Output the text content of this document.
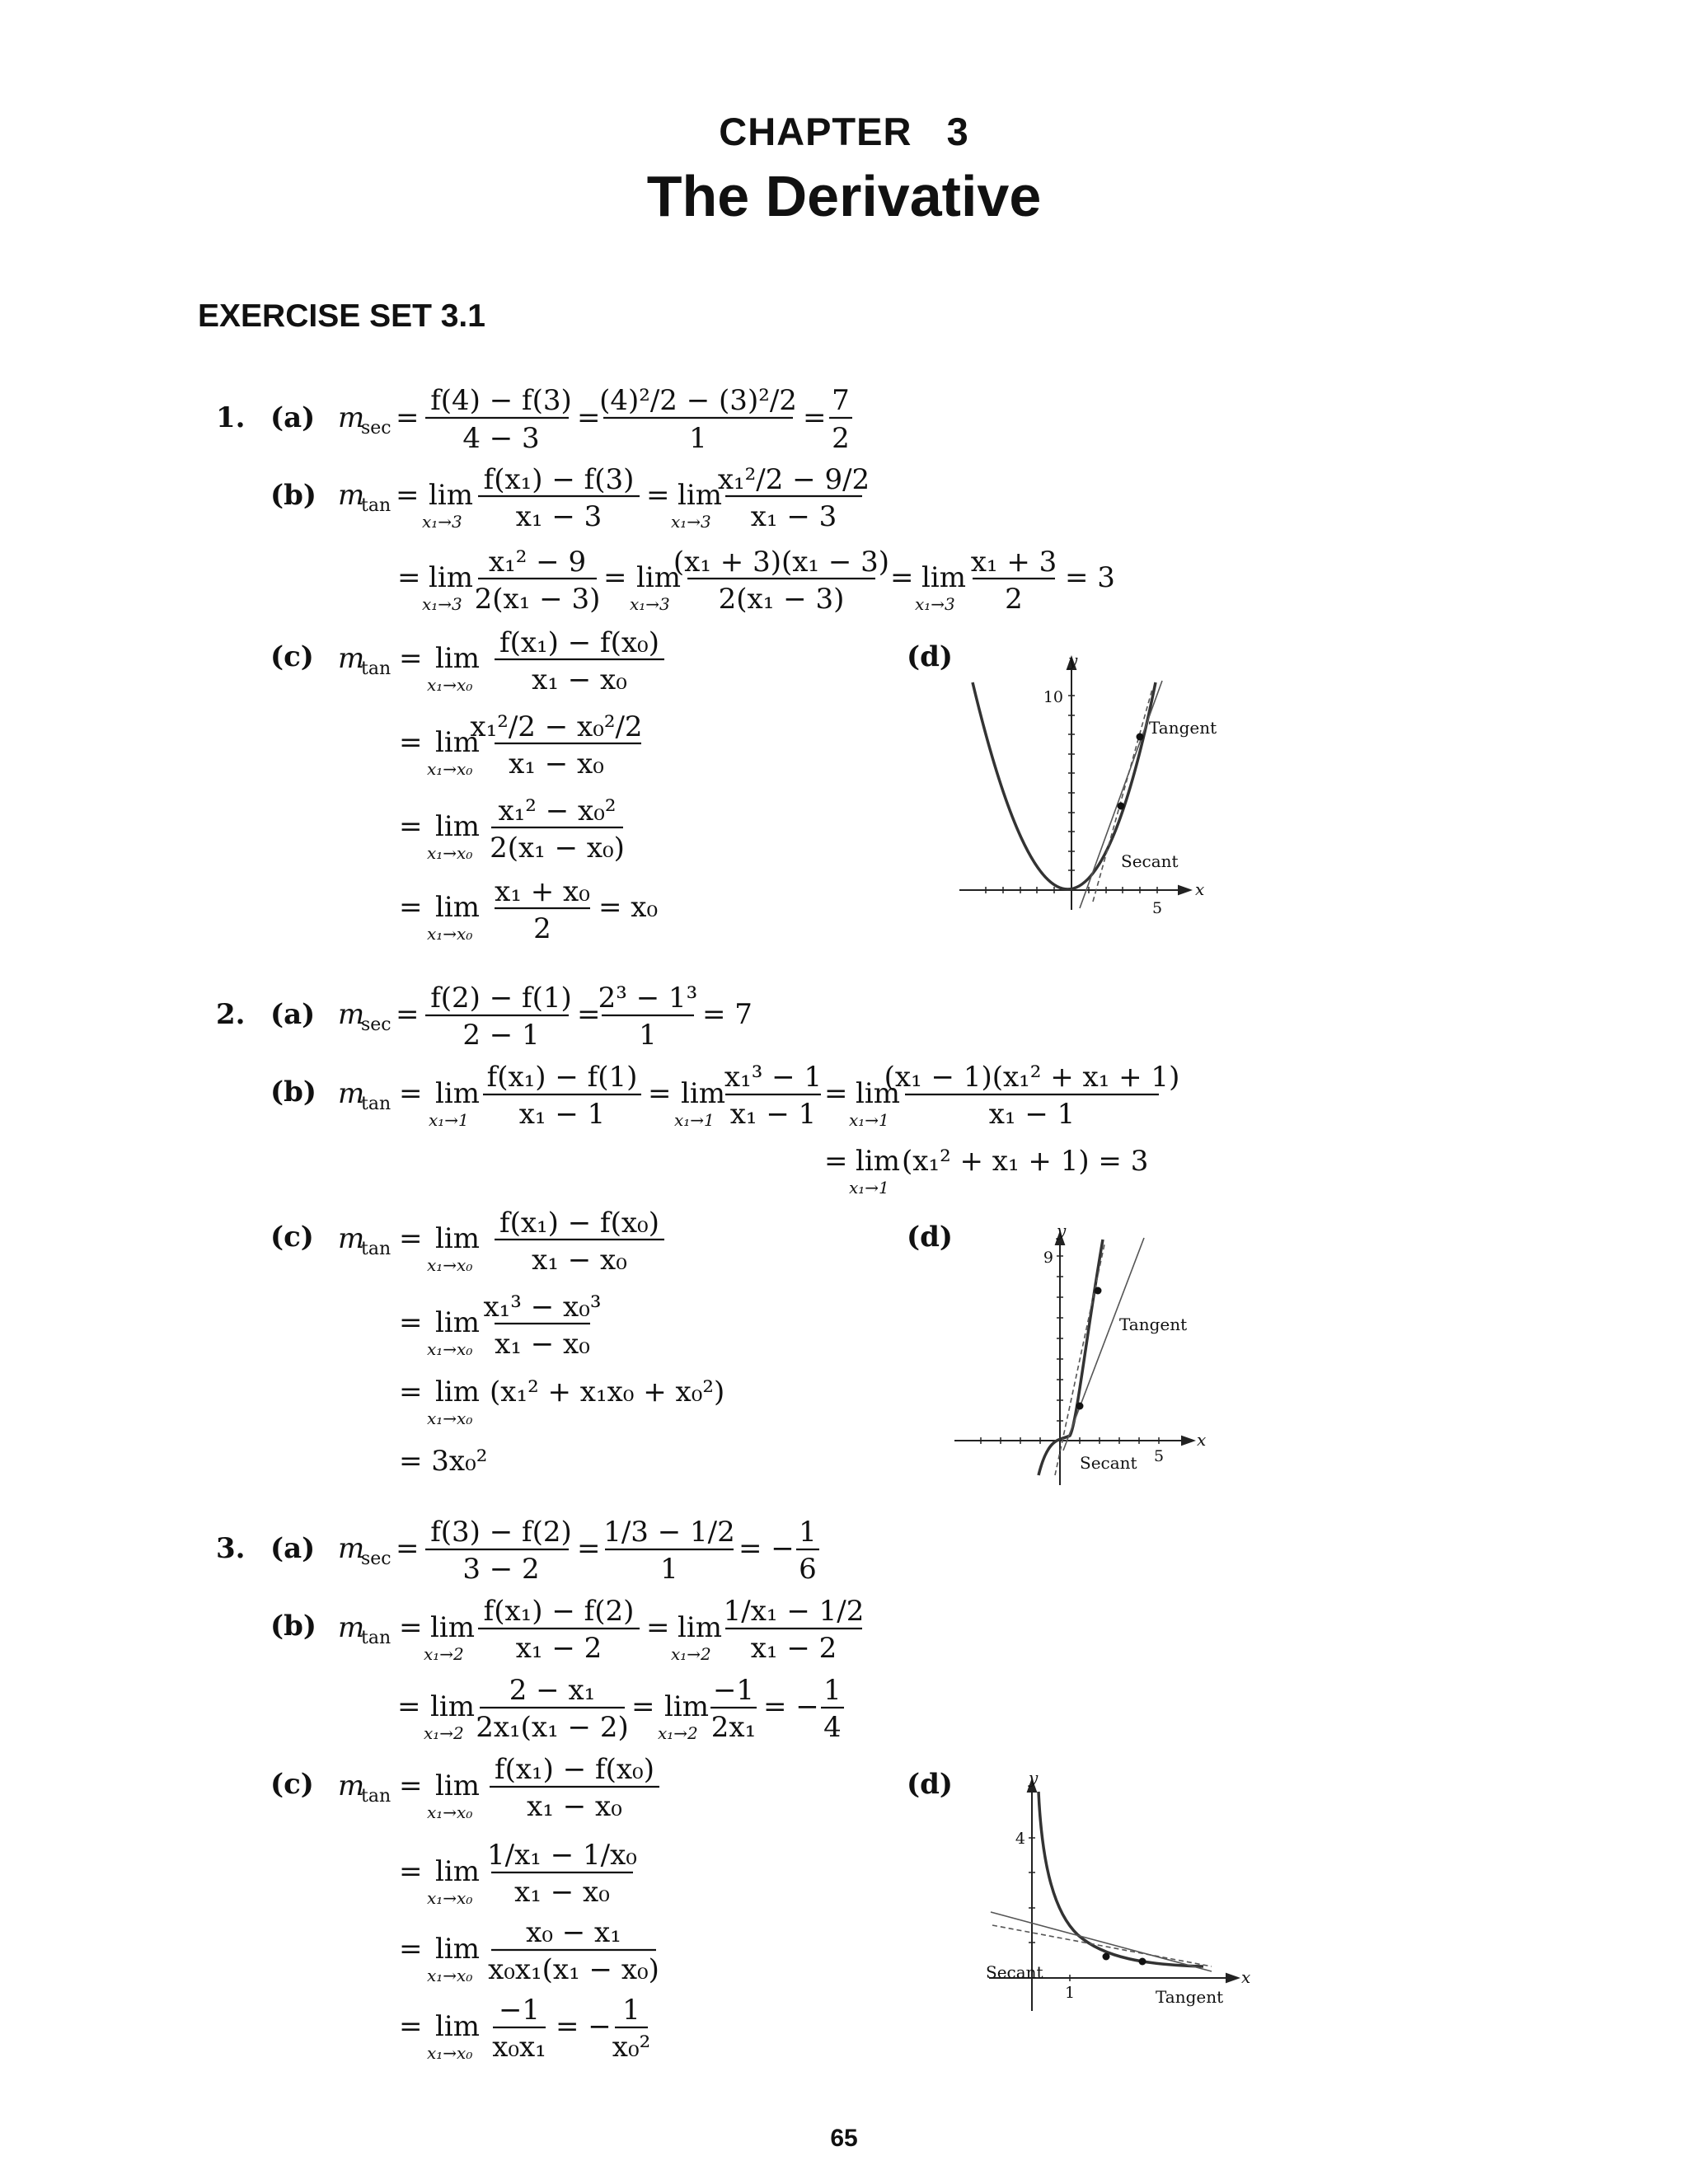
CHAPTER   3
The Derivative
EXERCISE SET 3.1
1. (a) m
sec =
f(4) − f(3)
4 − 3
=
(4)²/2 − (3)²/2
1
=
7
2
(b) m
tan = lim
x₁→3
f(x₁) − f(3)
x₁ − 3
= lim
x₁→3
x₁²/2 − 9/2
x₁ − 3
= lim
x₁→3
x₁² − 9
2(x₁ − 3)
= lim
x₁→3
(x₁ + 3)(x₁ − 3)
2(x₁ − 3)
= lim
x₁→3
x₁ + 3
2
= 3
(c) m
tan = lim
x₁→x₀
f(x₁) − f(x₀)
x₁ − x₀
= lim
x₁→x₀
x₁²/2 − x₀²/2
x₁ − x₀
= lim
x₁→x₀
x₁² − x₀²
2(x₁ − x₀)
= lim
x₁→x₀
x₁ + x₀
2
= x₀
(d)
2. (a) m
sec = f(2) − f(1)
2 − 1
=
2³ − 1³
1
= 7
(b) m
tan = lim
x₁→1
f(x₁) − f(1)
x₁ − 1
= lim
x₁→1
x₁³ − 1
x₁ − 1
= lim
x₁→1
(x₁ − 1)(x₁² + x₁ + 1)
x₁ − 1
= lim
x₁→1
(x₁² + x₁ + 1) = 3
(c) m
tan = lim
x₁→x₀
f(x₁) − f(x₀)
x₁ − x₀
= lim
x₁→x₀
x₁³ − x₀³
x₁ − x₀
= lim
x₁→x₀
(x₁² + x₁x₀ + x₀²)
= 3x₀²
(d)
3. (a) m
sec = f(3) − f(2)
3 − 2
= 1/3 − 1/2
1
= − 1
6
(b) m
tan = lim
x₁→2
f(x₁) − f(2)
x₁ − 2
= lim
x₁→2
1/x₁ − 1/2
x₁ − 2
= lim
x₁→2
2 − x₁
2x₁(x₁ − 2)
= lim
x₁→2
−1
2x₁
= − 1
4
(c) m
tan = lim
x₁→x₀
f(x₁) − f(x₀)
x₁ − x₀
= lim
x₁→x₀
1/x₁ − 1/x₀
x₁ − x₀
= lim
x₁→x₀
x₀ − x₁
x₀x₁(x₁ − x₀)
= lim
x₁→x₀
−1
x₀x₁
= − 1
x₀²
(d)
y
x
10
5
Tangent
Secant
y
x
9
5
Tangent
Secant
y
x
4
1
Secant
Tangent
65
